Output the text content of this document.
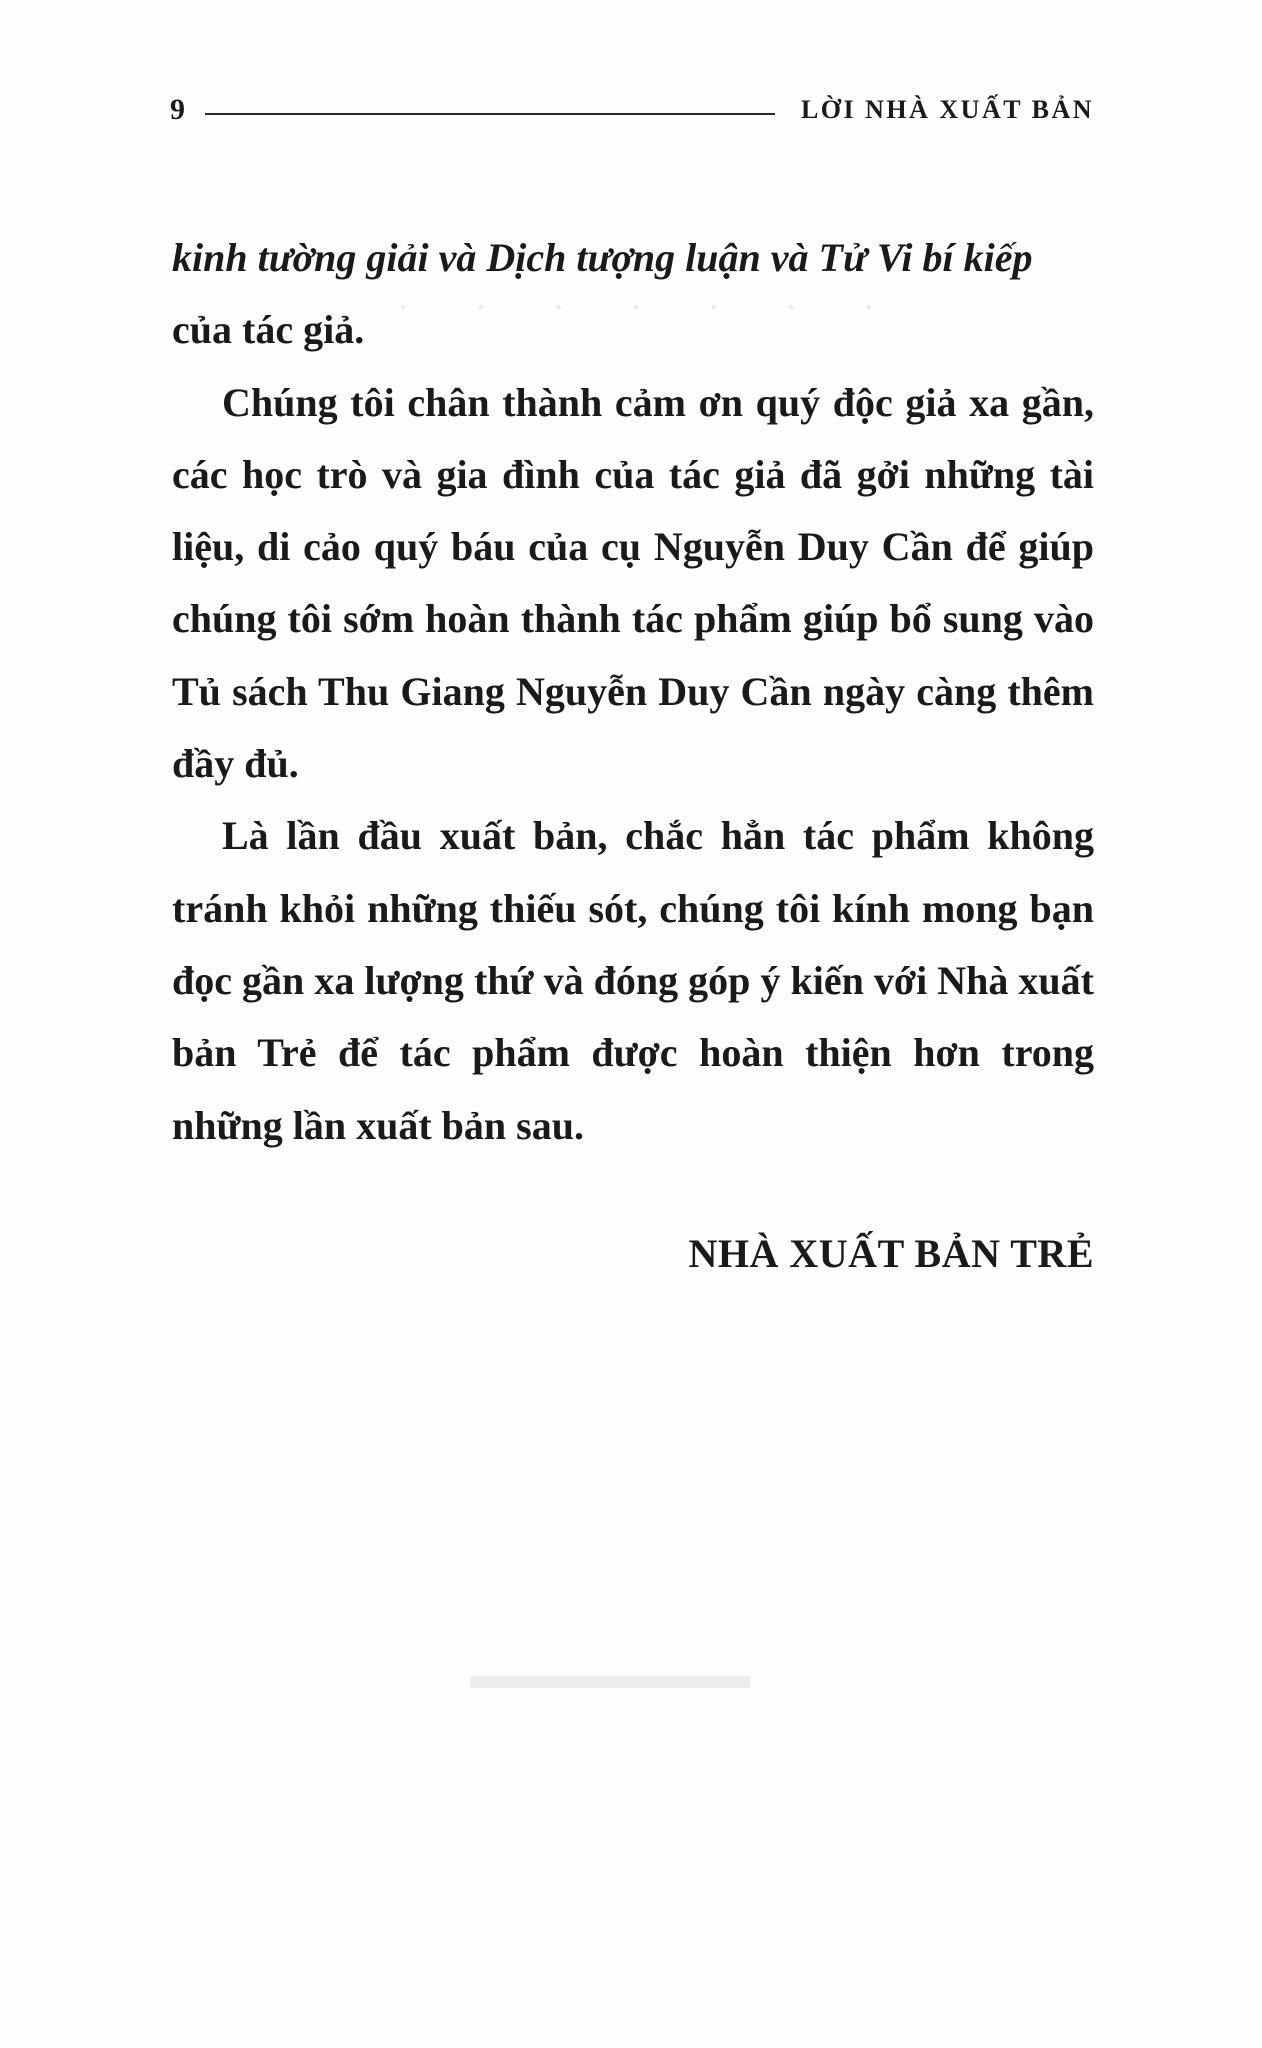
· · · · · · ·
9	LỜI NHÀ XUẤT BẢN

kinh tường giải và Dịch tượng luận và Tử Vi bí kiếp
của tác giả.

Chúng tôi chân thành cảm ơn quý độc giả xa gần, các học trò và gia đình của tác giả đã gởi những tài liệu, di cảo quý báu của cụ Nguyễn Duy Cần để giúp chúng tôi sớm hoàn thành tác phẩm giúp bổ sung vào Tủ sách Thu Giang Nguyễn Duy Cần ngày càng thêm đầy đủ.

Là lần đầu xuất bản, chắc hẳn tác phẩm không tránh khỏi những thiếu sót, chúng tôi kính mong bạn đọc gần xa lượng thứ và đóng góp ý kiến với Nhà xuất bản Trẻ để tác phẩm được hoàn thiện hơn trong những lần xuất bản sau.

NHÀ XUẤT BẢN TRẺ
